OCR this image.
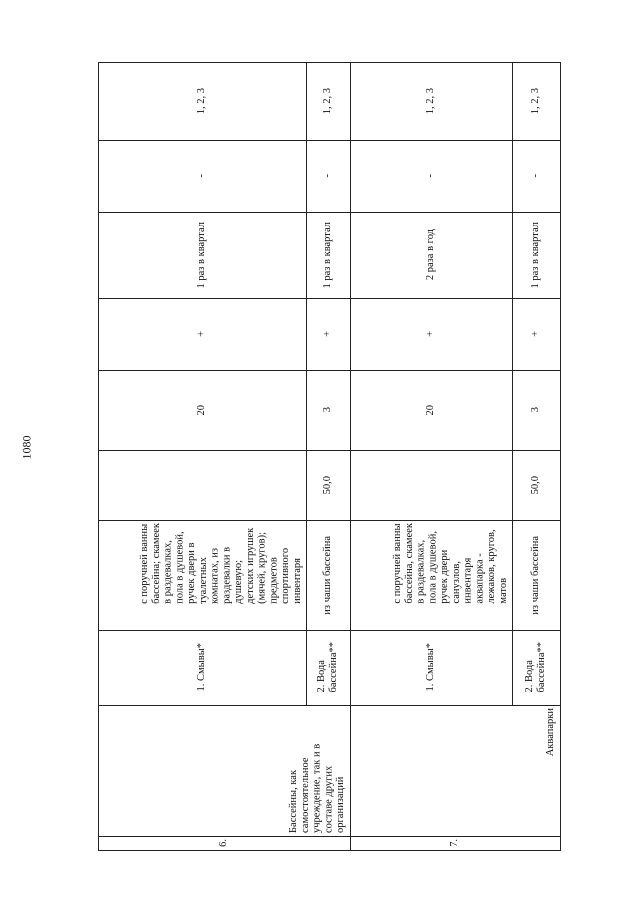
1080
6.
Бассейны, как самостоятельное учреждение, так и в составе других организаций
1. Смывы*
с поручней ванны
бассейна; скамеек
в раздевалках,
пола в душевой,
ручек двери в
туалетных
комнатах, из
раздевалки в
душевую;
детских игрушек
(мячей, кругов);
предметов
спортивного
инвентаря
20
+
1 раз в квартал
-
1, 2, 3
2. Вода
бассейна**
из чаши бассейна
50,0
3
+
1 раз в квартал
-
1, 2, 3
7.
Аквапарки
1. Смывы*
с поручней ванны
бассейна, скамеек
в раздевалках,
пола в душевой,
ручек двери
санузлов,
инвентаря
аквапарка -
лежаков, кругов,
матов
20
+
2 раза в год
-
1, 2, 3
2. Вода
бассейна**
из чаши бассейна
50,0
3
+
1 раз в квартал
-
1, 2, 3
